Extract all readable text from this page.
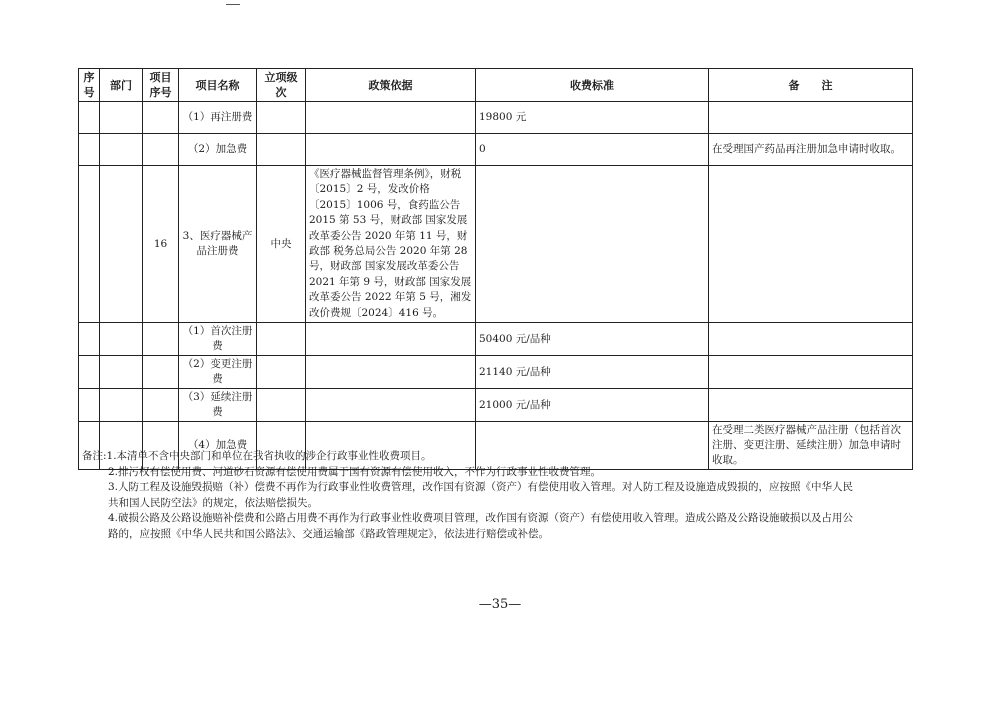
序号	部门	项目序号	项目名称	立项级次	政策依据	收费标准	备　　注
			（1）再注册费			19800 元	
			（2）加急费			0	在受理国产药品再注册加急申请时收取。
		16	3、医疗器械产品注册费	中央	《医疗器械监督管理条例》，财税〔2015〕2 号，发改价格〔2015〕1006 号，食药监公告 2015 第 53 号，财政部 国家发展改革委公告 2020 年第 11 号，财政部 税务总局公告 2020 年第 28 号，财政部 国家发展改革委公告 2021 年第 9 号，财政部 国家发展改革委公告 2022 年第 5 号，湘发改价费规〔2024〕416 号。		
			（1）首次注册费			50400 元/品种	
			（2）变更注册费			21140 元/品种	
			（3）延续注册费			21000 元/品种	
			（4）加急费				在受理二类医疗器械产品注册（包括首次注册、变更注册、延续注册）加急申请时收取。
备注:1.本清单不含中央部门和单位在我省执收的涉企行政事业性收费项目。
2.排污权有偿使用费、河道砂石资源有偿使用费属于国有资源有偿使用收入，不作为行政事业性收费管理。
3.人防工程及设施毁损赔（补）偿费不再作为行政事业性收费管理，改作国有资源（资产）有偿使用收入管理。对人防工程及设施造成毁损的，应按照《中华人民
共和国人民防空法》的规定，依法赔偿损失。
4.破损公路及公路设施赔补偿费和公路占用费不再作为行政事业性收费项目管理，改作国有资源（资产）有偿使用收入管理。造成公路及公路设施破损以及占用公
路的，应按照《中华人民共和国公路法》、交通运输部《路政管理规定》，依法进行赔偿或补偿。
—35—
